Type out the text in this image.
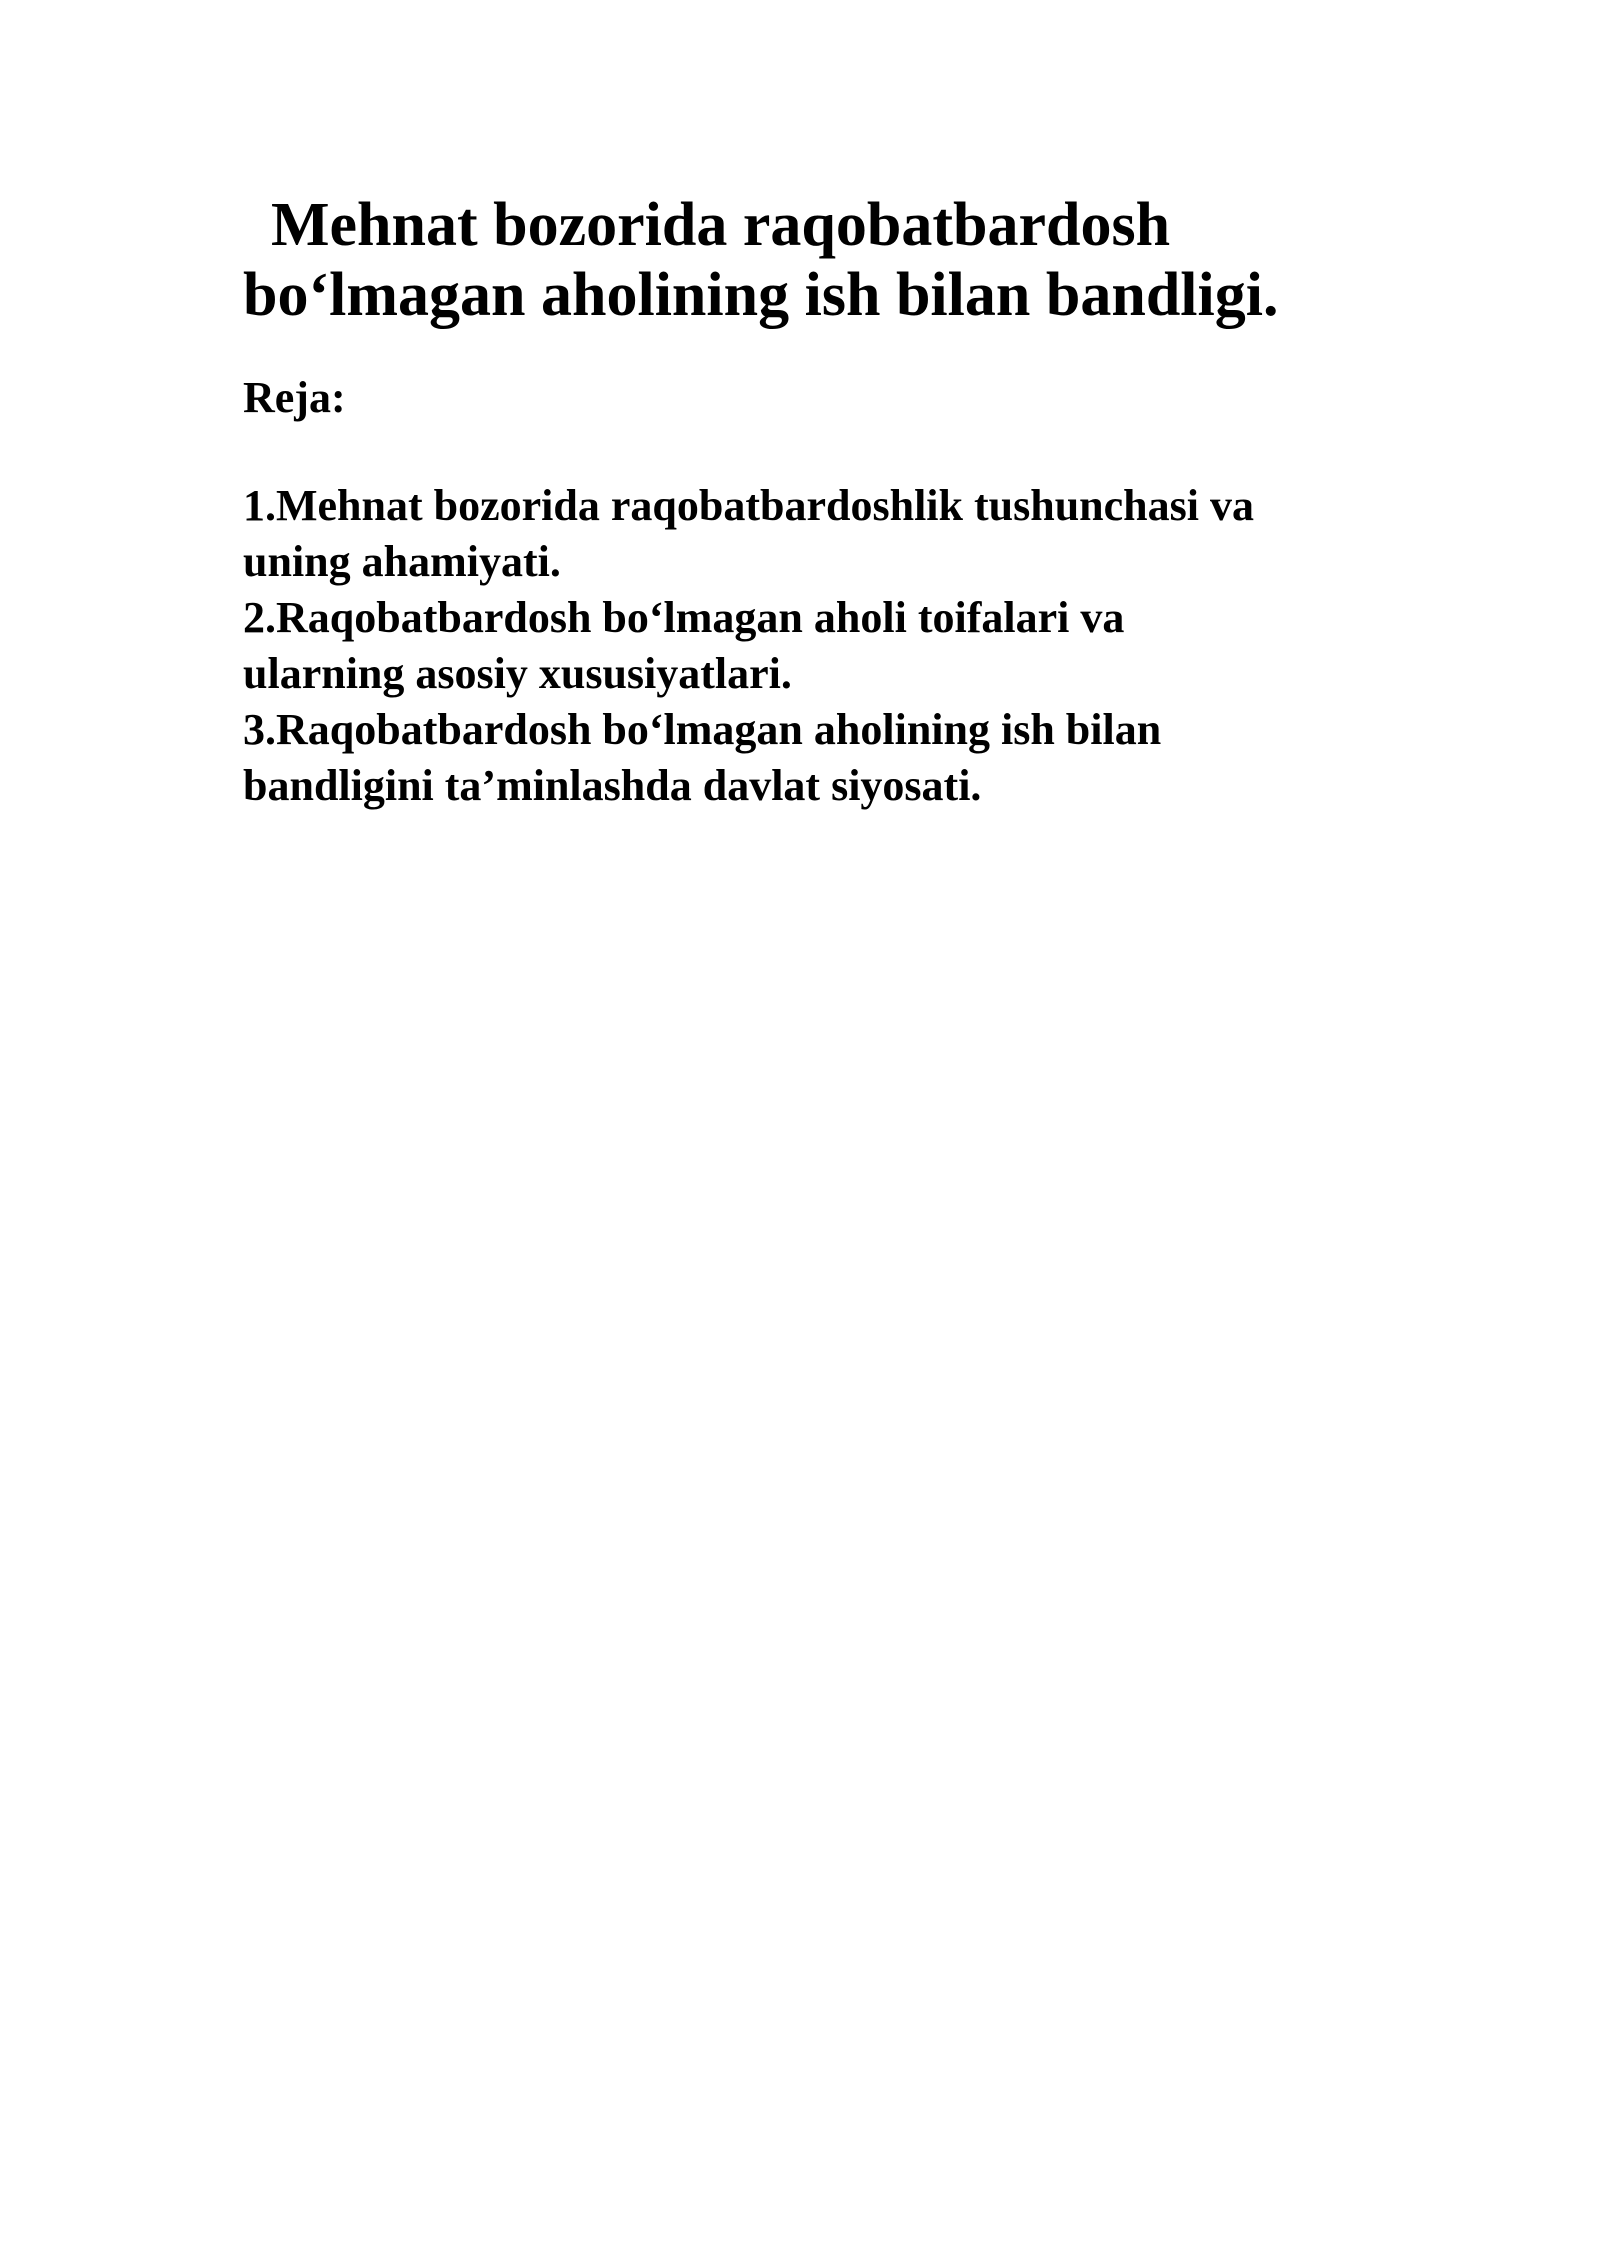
Mehnat bozorida raqobatbardosh
bo‘lmagan aholining ish bilan bandligi.

Reja:

1.Mehnat bozorida raqobatbardoshlik tushunchasi va
uning ahamiyati.
2.Raqobatbardosh bo‘lmagan aholi toifalari va
ularning asosiy xususiyatlari.
3.Raqobatbardosh bo‘lmagan aholining ish bilan
bandligini ta’minlashda davlat siyosati.
